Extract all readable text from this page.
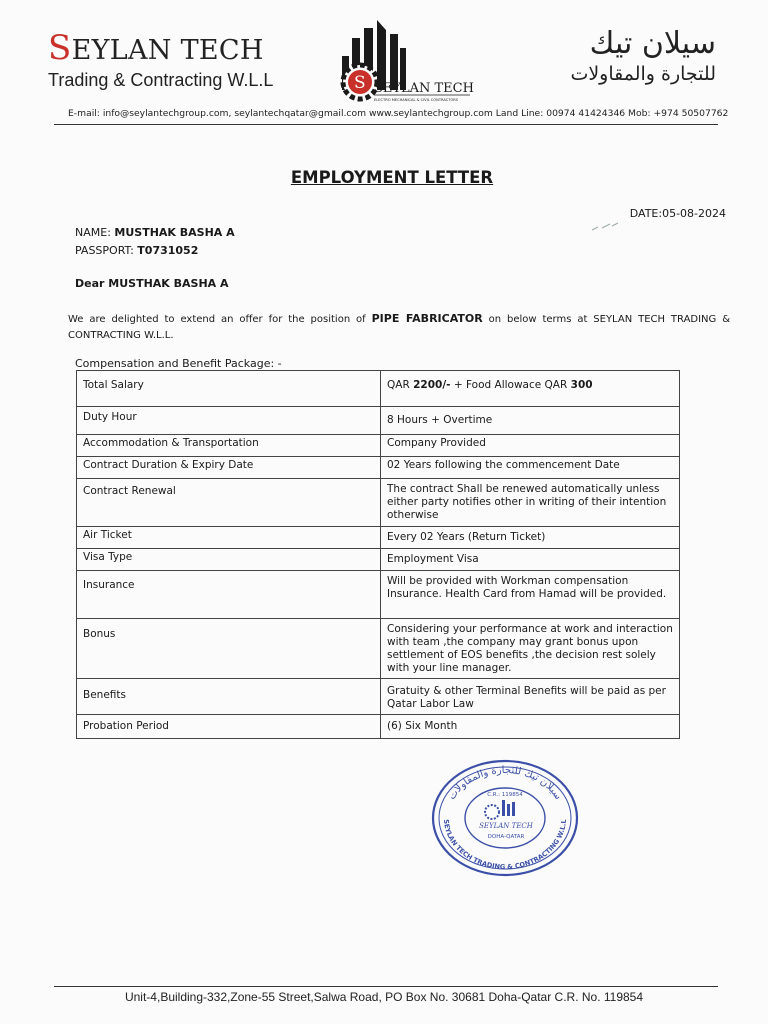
SEYLAN TECH
Trading & Contracting W.L.L	S SEYLAN TECH
ELECTRO MECHANICAL & CIVIL CONTRACTORS
سيلان تيك
للتجارة والمقاولات
E-mail: info@seylantechgroup.com, seylantechqatar@gmail.com www.seylantechgroup.com Land Line: 00974 41424346 Mob: +974 50507762
EMPLOYMENT LETTER
DATE:05-08-2024
NAME: MUSTHAK BASHA A
PASSPORT: T0731052
Dear MUSTHAK BASHA A
We are delighted to extend an offer for the position of PIPE FABRICATOR on below terms at SEYLAN TECH TRADING & CONTRACTING W.L.L.
Compensation and Benefit Package: -
Total Salary	QAR 2200/- + Food Allowace QAR 300
Duty Hour	8 Hours + Overtime
Accommodation & Transportation	Company Provided
Contract Duration & Expiry Date	02 Years following the commencement Date
Contract Renewal	The contract Shall be renewed automatically unless either party notifies other in writing of their intention otherwise
Air Ticket	Every 02 Years (Return Ticket)
Visa Type	Employment Visa
Insurance	Will be provided with Workman compensation Insurance. Health Card from Hamad will be provided.
Bonus	Considering your performance at work and interaction with team ,the company may grant bonus upon settlement of EOS benefits ,the decision rest solely with your line manager.
Benefits	Gratuity & other Terminal Benefits will be paid as per Qatar Labor Law
Probation Period	(6) Six Month
سيلان تيك للتجارة والمقاولات
SEYLAN TECH TRADING & CONTRACTING W.L.L
C.R.: 119854
SEYLAN TECH
DOHA-QATAR
Unit-4,Building-332,Zone-55 Street,Salwa Road, PO Box No. 30681 Doha-Qatar C.R. No. 119854
